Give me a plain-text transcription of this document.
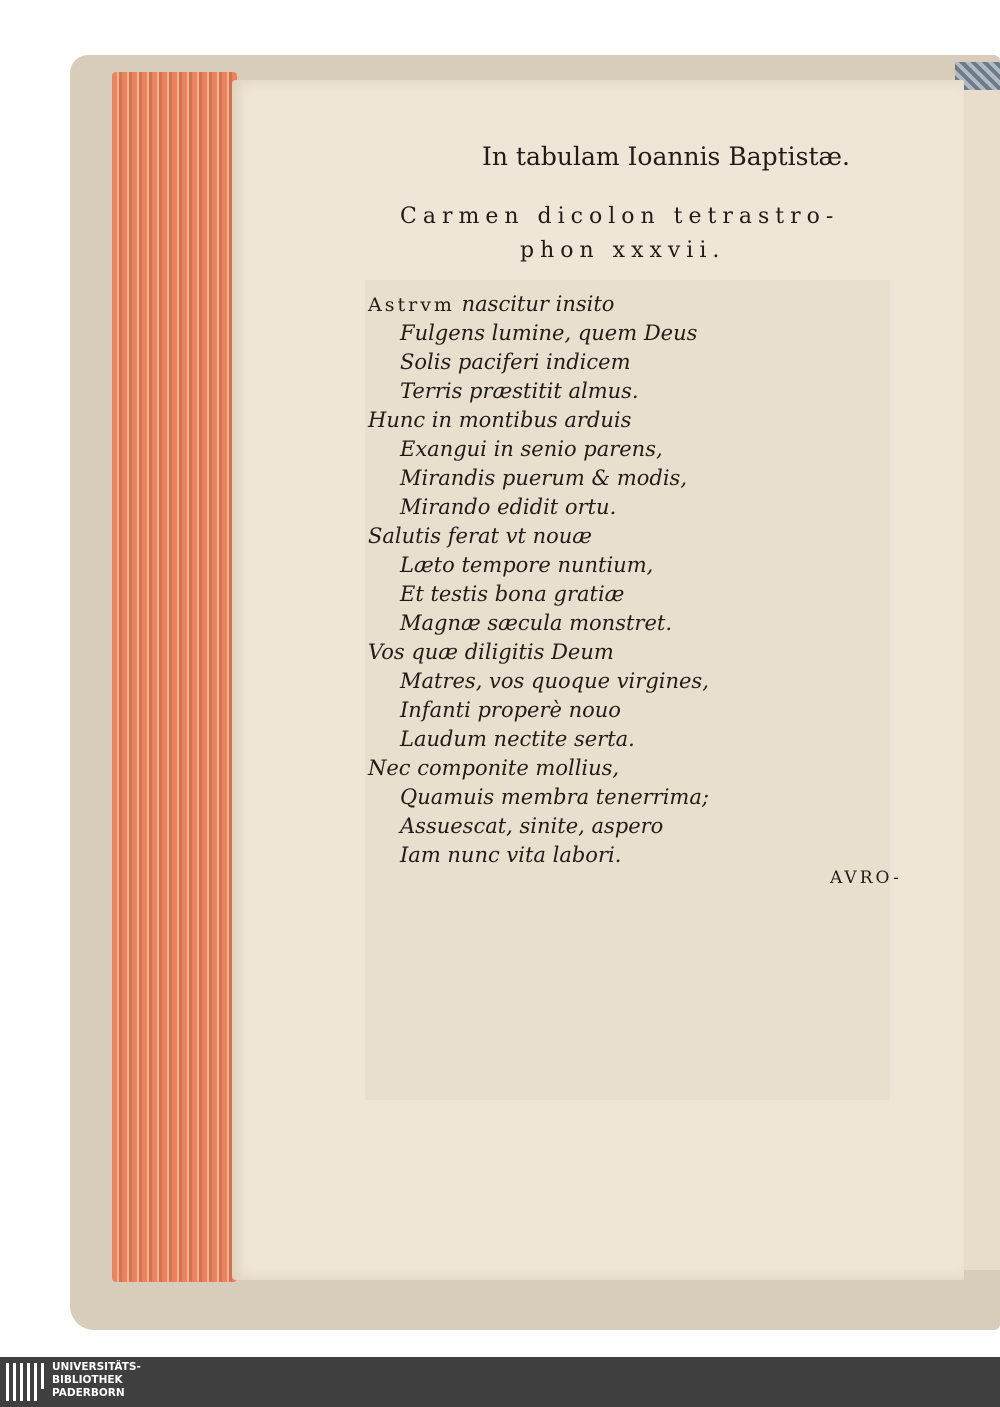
In tabulam Ioannis Baptistæ.
Carmen dicolon tetrastro-
phon xxxvii.
Astrvm nascitur insito
Fulgens lumine, quem Deus
Solis paciferi indicem
Terris præstitit almus.
Hunc in montibus arduis
Exangui in senio parens,
Mirandis puerum & modis,
Mirando edidit ortu.
Salutis ferat vt nouæ
Læto tempore nuntium,
Et testis bona gratiæ
Magnæ sæcula monstret.
Vos quæ diligitis Deum
Matres, vos quoque virgines,
Infanti properè nouo
Laudum nectite serta.
Nec componite mollius,
Quamuis membra tenerrima;
Assuescat, sinite, aspero
Iam nunc vita labori.
AVRO-
UNIVERSITÄTS-
BIBLIOTHEK
PADERBORN
